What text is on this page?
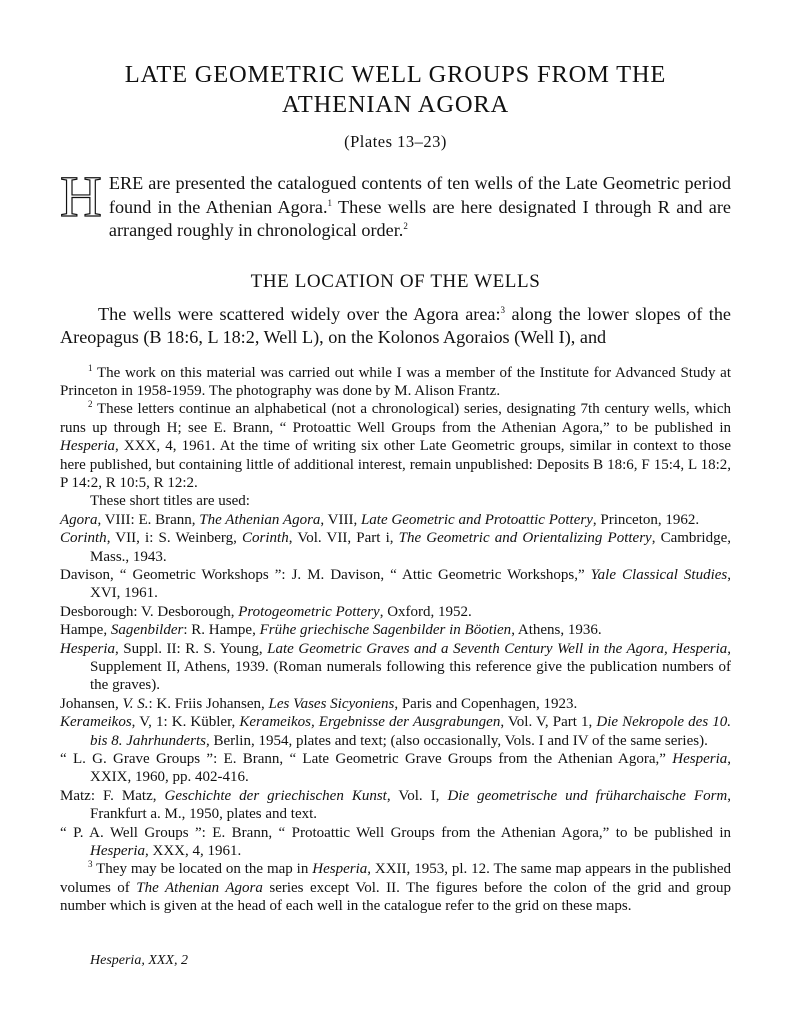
LATE GEOMETRIC WELL GROUPS FROM THE
ATHENIAN AGORA
(Plates 13–23)
HERE are presented the catalogued contents of ten wells of the Late Geometric period found in the Athenian Agora.$^1$ These wells are here designated I through R and are arranged roughly in chronological order.$^2$
THE LOCATION OF THE WELLS

The wells were scattered widely over the Agora area:$^3$ along the lower slopes of the Areopagus (B 18:6, L 18:2, Well L), on the Kolonos Agoraios (Well I), and

$^1$ The work on this material was carried out while I was a member of the Institute for Advanced Study at Princeton in 1958-1959. The photography was done by M. Alison Frantz.

$^2$ These letters continue an alphabetical (not a chronological) series, designating 7th century wells, which runs up through H; see E. Brann, “ Protoattic Well Groups from the Athenian Agora,” to be published in Hesperia, XXX, 4, 1961. At the time of writing six other Late Geometric groups, similar in context to those here published, but containing little of additional interest, remain unpublished: Deposits B 18:6, F 15:4, L 18:2, P 14:2, R 10:5, R 12:2.

These short titles are used:

Agora, VIII: E. Brann, The Athenian Agora, VIII, Late Geometric and Protoattic Pottery, Princeton, 1962.

Corinth, VII, i: S. Weinberg, Corinth, Vol. VII, Part i, The Geometric and Orientalizing Pottery, Cambridge, Mass., 1943.

Davison, “ Geometric Workshops ”: J. M. Davison, “ Attic Geometric Workshops,” Yale Classical Studies, XVI, 1961.

Desborough: V. Desborough, Protogeometric Pottery, Oxford, 1952.

Hampe, Sagenbilder: R. Hampe, Frühe griechische Sagenbilder in Böotien, Athens, 1936.

Hesperia, Suppl. II: R. S. Young, Late Geometric Graves and a Seventh Century Well in the Agora, Hesperia, Supplement II, Athens, 1939. (Roman numerals following this reference give the publication numbers of the graves).

Johansen, V. S.: K. Friis Johansen, Les Vases Sicyoniens, Paris and Copenhagen, 1923.

Kerameikos, V, 1: K. Kübler, Kerameikos, Ergebnisse der Ausgrabungen, Vol. V, Part 1, Die Nekropole des 10. bis 8. Jahrhunderts, Berlin, 1954, plates and text; (also occasionally, Vols. I and IV of the same series).

“ L. G. Grave Groups ”: E. Brann, “ Late Geometric Grave Groups from the Athenian Agora,” Hesperia, XXIX, 1960, pp. 402-416.

Matz: F. Matz, Geschichte der griechischen Kunst, Vol. I, Die geometrische und früharchaische Form, Frankfurt a. M., 1950, plates and text.

“ P. A. Well Groups ”: E. Brann, “ Protoattic Well Groups from the Athenian Agora,” to be published in Hesperia, XXX, 4, 1961.

$^3$ They may be located on the map in Hesperia, XXII, 1953, pl. 12. The same map appears in the published volumes of The Athenian Agora series except Vol. II. The figures before the colon of the grid and group number which is given at the head of each well in the catalogue refer to the grid on these maps.

Hesperia, XXX, 2
